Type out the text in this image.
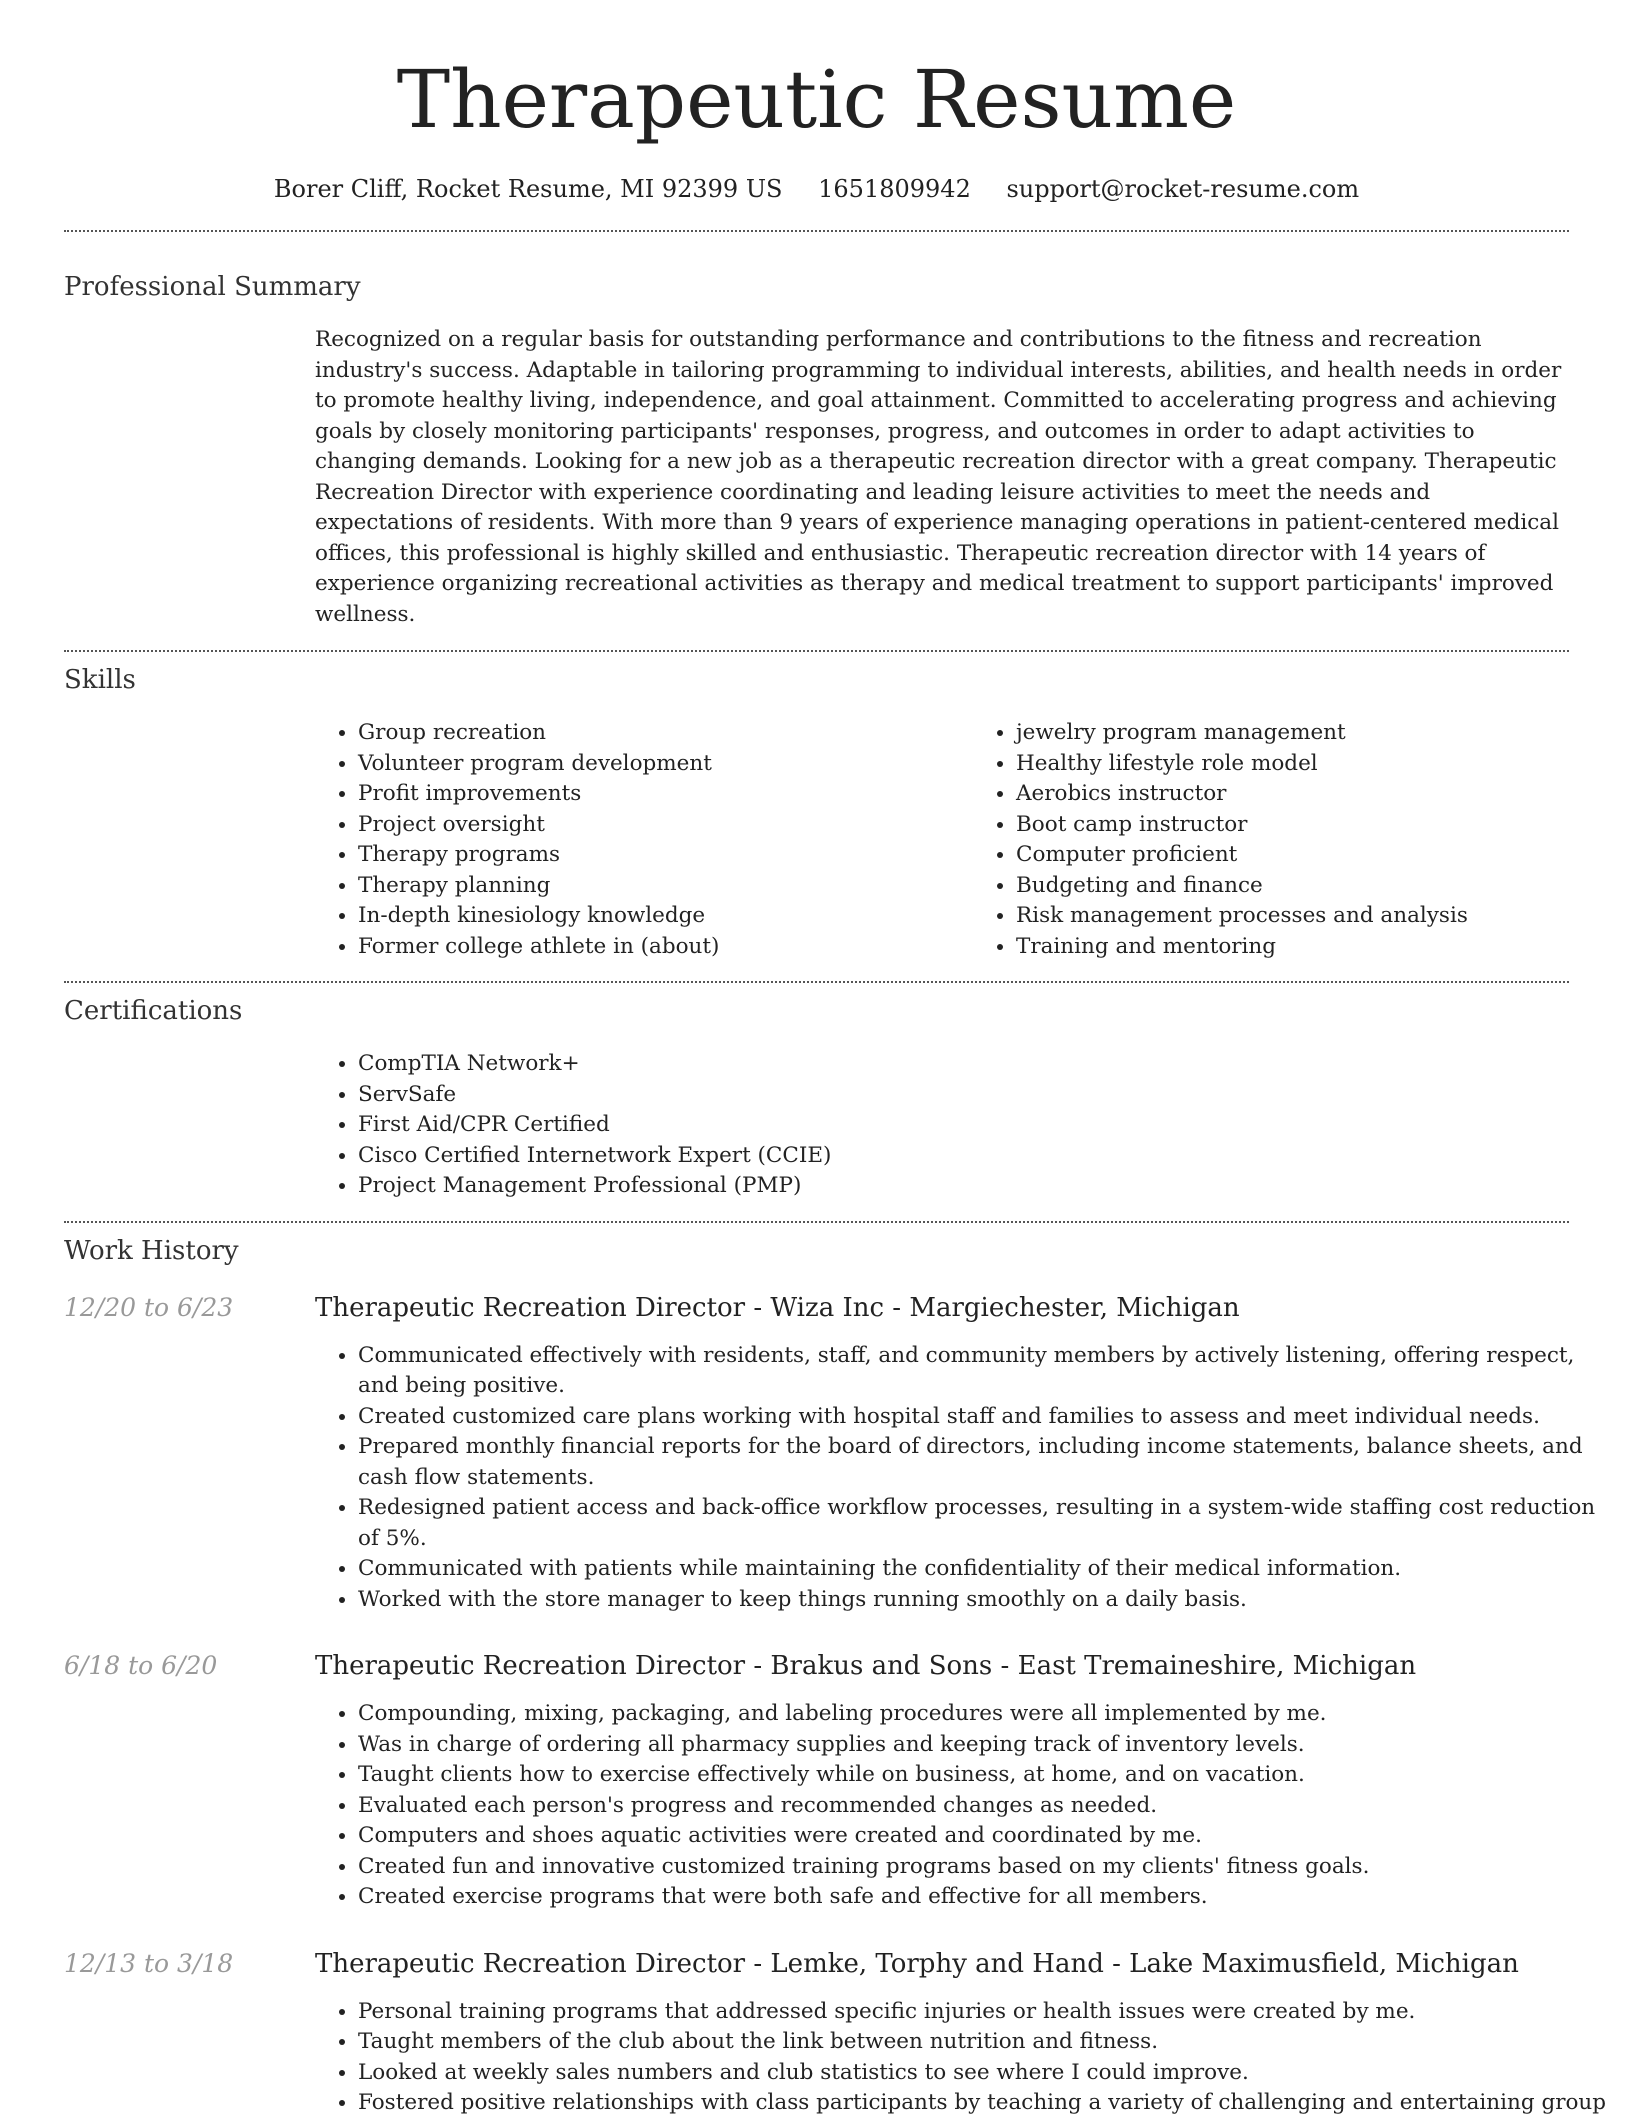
Therapeutic Resume
Borer Cliff, Rocket Resume, MI 92399 US 1651809942 support@rocket-resume.com
Professional Summary
Recognized on a regular basis for outstanding performance and contributions to the fitness and recreation industry's success. Adaptable in tailoring programming to individual interests, abilities, and health needs in order to promote healthy living, independence, and goal attainment. Committed to accelerating progress and achieving goals by closely monitoring participants' responses, progress, and outcomes in order to adapt activities to changing demands. Looking for a new job as a therapeutic recreation director with a great company. Therapeutic Recreation Director with experience coordinating and leading leisure activities to meet the needs and expectations of residents. With more than 9 years of experience managing operations in patient-centered medical offices, this professional is highly skilled and enthusiastic. Therapeutic recreation director with 14 years of experience organizing recreational activities as therapy and medical treatment to support participants' improved wellness.
Skills
• Group recreation
• Volunteer program development
• Profit improvements
• Project oversight
• Therapy programs
• Therapy planning
• In-depth kinesiology knowledge
• Former college athlete in (about)
• jewelry program management
• Healthy lifestyle role model
• Aerobics instructor
• Boot camp instructor
• Computer proficient
• Budgeting and finance
• Risk management processes and analysis
• Training and mentoring
Certifications
• CompTIA Network+
• ServSafe
• First Aid/CPR Certified
• Cisco Certified Internetwork Expert (CCIE)
• Project Management Professional (PMP)
Work History
12/20 to 6/23	Therapeutic Recreation Director - Wiza Inc - Margiechester, Michigan
• Communicated effectively with residents, staff, and community members by actively listening, offering respect, and being positive.
• Created customized care plans working with hospital staff and families to assess and meet individual needs.
• Prepared monthly financial reports for the board of directors, including income statements, balance sheets, and cash flow statements.
• Redesigned patient access and back-office workflow processes, resulting in a system-wide staffing cost reduction of 5%.
• Communicated with patients while maintaining the confidentiality of their medical information.
• Worked with the store manager to keep things running smoothly on a daily basis.
6/18 to 6/20	Therapeutic Recreation Director - Brakus and Sons - East Tremaineshire, Michigan
• Compounding, mixing, packaging, and labeling procedures were all implemented by me.
• Was in charge of ordering all pharmacy supplies and keeping track of inventory levels.
• Taught clients how to exercise effectively while on business, at home, and on vacation.
• Evaluated each person's progress and recommended changes as needed.
• Computers and shoes aquatic activities were created and coordinated by me.
• Created fun and innovative customized training programs based on my clients' fitness goals.
• Created exercise programs that were both safe and effective for all members.
12/13 to 3/18	Therapeutic Recreation Director - Lemke, Torphy and Hand - Lake Maximusfield, Michigan
• Personal training programs that addressed specific injuries or health issues were created by me.
• Taught members of the club about the link between nutrition and fitness.
• Looked at weekly sales numbers and club statistics to see where I could improve.
• Fostered positive relationships with class participants by teaching a variety of challenging and entertaining group
